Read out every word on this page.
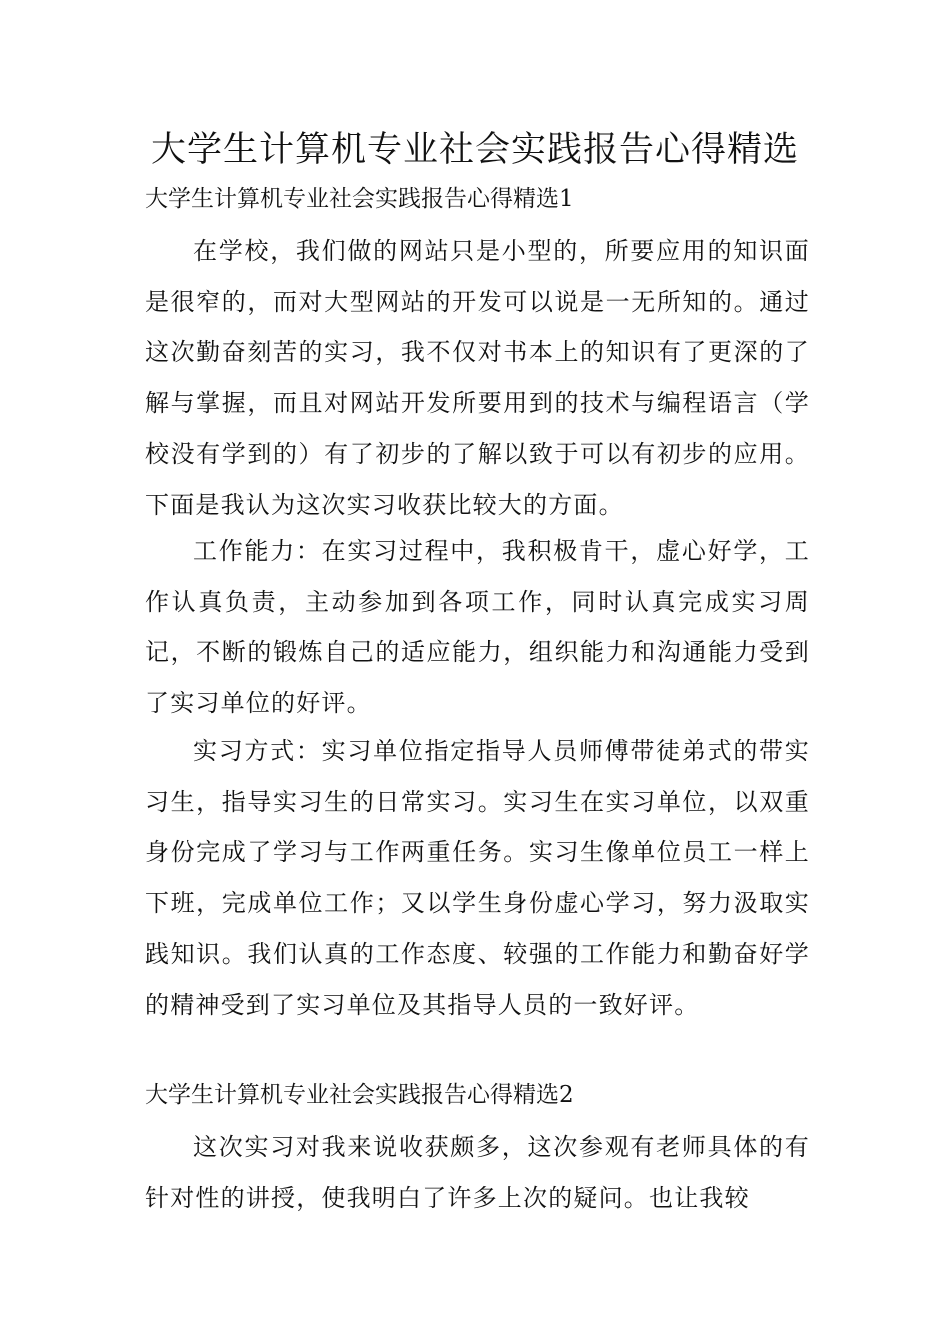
大学生计算机专业社会实践报告心得精选
大学生计算机专业社会实践报告心得精选1

在学校，我们做的网站只是小型的，所要应用的知识面是很窄的，而对大型网站的开发可以说是一无所知的。通过这次勤奋刻苦的实习，我不仅对书本上的知识有了更深的了解与掌握，而且对网站开发所要用到的技术与编程语言（学校没有学到的）有了初步的了解以致于可以有初步的应用。下面是我认为这次实习收获比较大的方面。

工作能力：在实习过程中，我积极肯干，虚心好学，工作认真负责，主动参加到各项工作，同时认真完成实习周记，不断的锻炼自己的适应能力，组织能力和沟通能力受到了实习单位的好评。

实习方式：实习单位指定指导人员师傅带徒弟式的带实习生，指导实习生的日常实习。实习生在实习单位，以双重身份完成了学习与工作两重任务。实习生像单位员工一样上下班，完成单位工作；又以学生身份虚心学习，努力汲取实践知识。我们认真的工作态度、较强的工作能力和勤奋好学的精神受到了实习单位及其指导人员的一致好评。

大学生计算机专业社会实践报告心得精选2

这次实习对我来说收获颇多，这次参观有老师具体的有针对性的讲授，使我明白了许多上次的疑问。也让我较
